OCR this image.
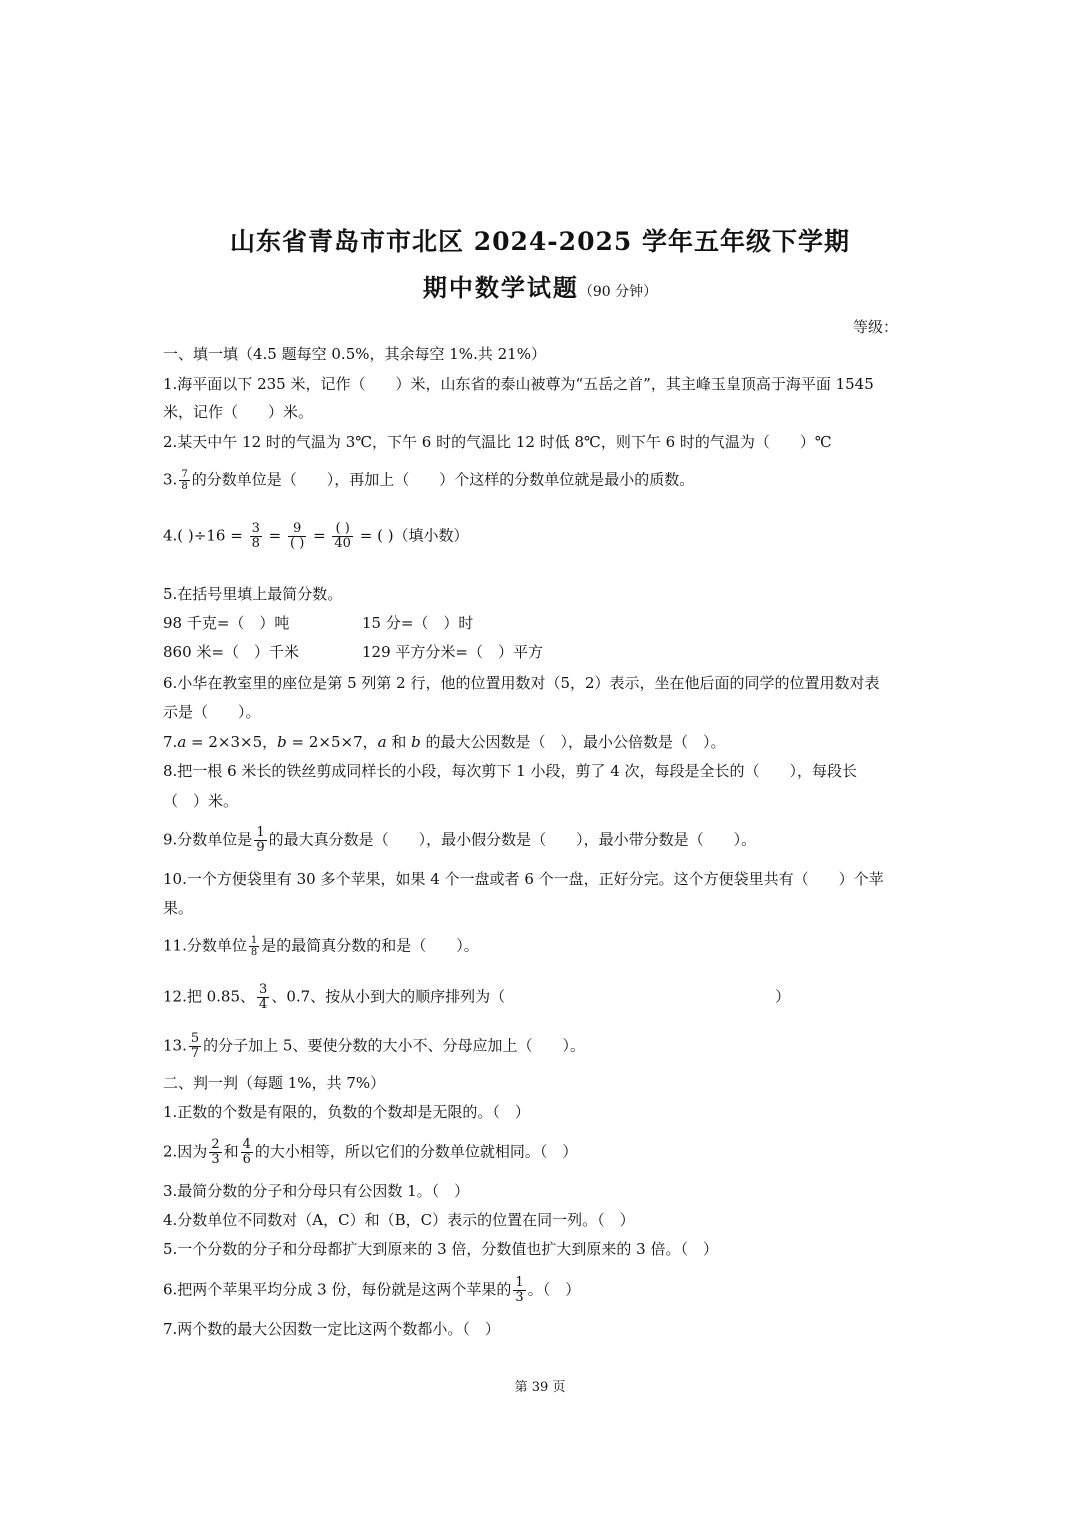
山东省青岛市市北区 2024-2025 学年五年级下学期
期中数学试题（90 分钟）
等级：
一、填一填（4.5 题每空 0.5%，其余每空 1%.共 21%）
1.海平面以下 235 米，记作（　　）米，山东省的泰山被尊为“五岳之首”，其主峰玉皇顶高于海平面 1545
米，记作（　　）米。
2.某天中午 12 时的气温为 3℃，下午 6 时的气温比 12 时低 8℃，则下午 6 时的气温为（　　）℃
3. $\frac{7}{8}$ 的分数单位是（　　），再加上（　　）个这样的分数单位就是最小的质数。
4.( )$\div 16 = \frac{3}{8} = 9$
( ) = ( )
40 = ( )（填小数）
5.在括号里填上最简分数。
98 千克=（　）吨	15 分=（　）时
860 米=（　）千米	129 平方分米=（　）平方
6.小华在教室里的座位是第 5 列第 2 行，他的位置用数对（5，2）表示，坐在他后面的同学的位置用数对表
示是（　　）。
7.a = 2×3×5，b = 2×5×7，a 和 b 的最大公因数是（　），最小公倍数是（　）。
8.把一根 6 米长的铁丝剪成同样长的小段，每次剪下 1 小段，剪了 4 次，每段是全长的（　　），每段长
（　）米。
9.分数单位是 $\frac{1}{9}$ 的最大真分数是（　　），最小假分数是（　　），最小带分数是（　　）。
10.一个方便袋里有 30 多个苹果，如果 4 个一盘或者 6 个一盘，正好分完。这个方便袋里共有（　　）个苹
果。
11.分数单位 $\frac{1}{8}$ 是的最简真分数的和是（　　）。
12.把 0.85、 $\frac{3}{4}$ 、0.7、按从小到大的顺序排列为（　　　　　　　　　　　　　　　　　　）
13. $\frac{5}{7}$ 的分子加上 5、要使分数的大小不、分母应加上（　　）。
二、判一判（每题 1%，共 7%）
1.正数的个数是有限的，负数的个数却是无限的。（　）
2.因为 $\frac{2}{3}$ 和 $\frac{4}{6}$ 的大小相等，所以它们的分数单位就相同。（　）
3.最简分数的分子和分母只有公因数 1。（　）
4.分数单位不同数对（A，C）和（B，C）表示的位置在同一列。（　）
5.一个分数的分子和分母都扩大到原来的 3 倍，分数值也扩大到原来的 3 倍。（　）
6.把两个苹果平均分成 3 份，每份就是这两个苹果的 $\frac{1}{3}$ 。（　）
7.两个数的最大公因数一定比这两个数都小。（　）
第 39 页
